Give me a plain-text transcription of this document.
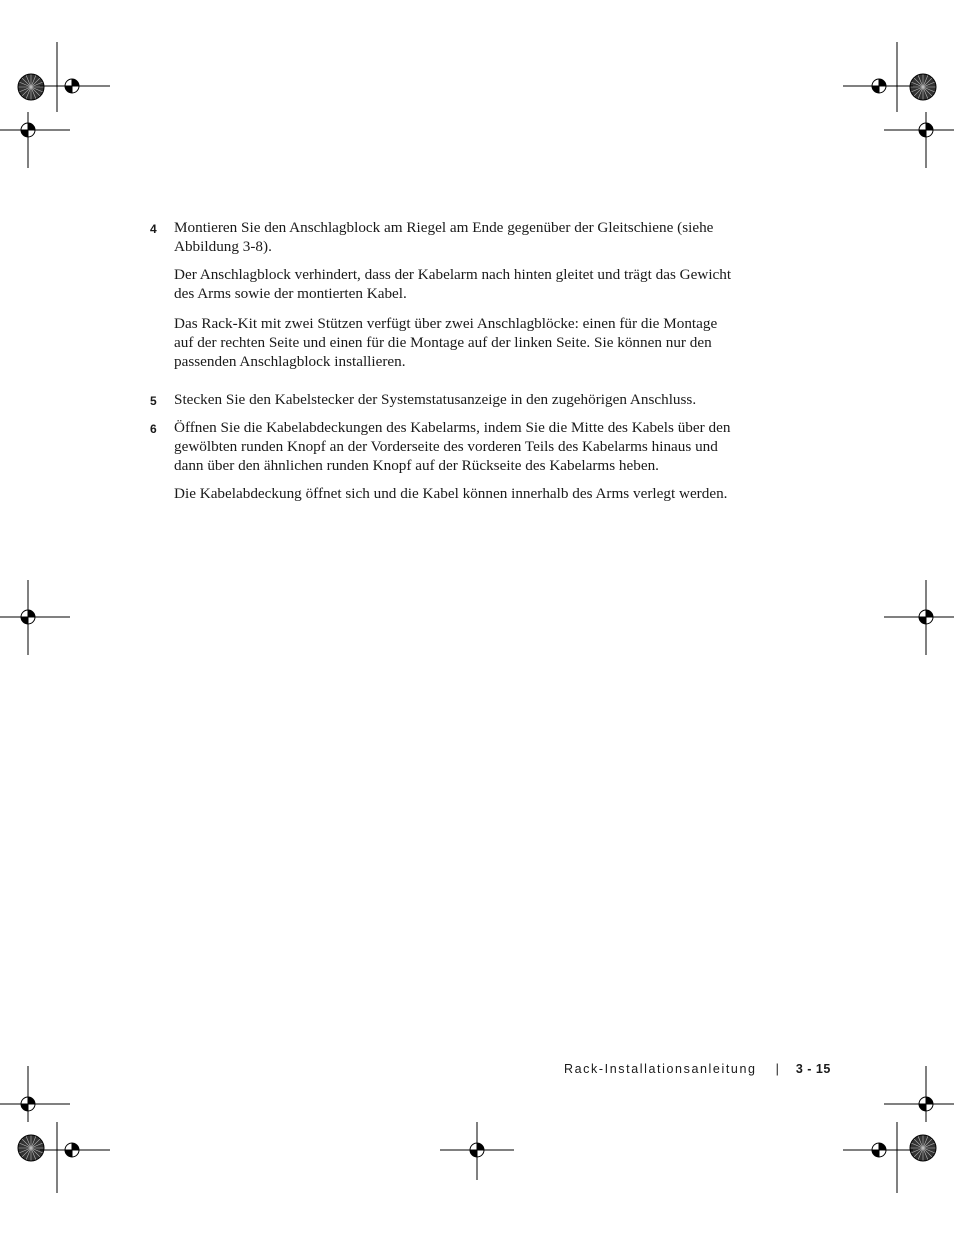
4	Montieren Sie den Anschlagblock am Riegel am Ende gegenüber der Gleitschiene (siehe Abbildung 3-8).

Der Anschlagblock verhindert, dass der Kabelarm nach hinten gleitet und trägt das Gewicht des Arms sowie der montierten Kabel.

Das Rack-Kit mit zwei Stützen verfügt über zwei Anschlagblöcke: einen für die Montage auf der rechten Seite und einen für die Montage auf der linken Seite. Sie können nur den passenden Anschlagblock installieren.

5	Stecken Sie den Kabelstecker der Systemstatusanzeige in den zugehörigen Anschluss.

6	Öffnen Sie die Kabelabdeckungen des Kabelarms, indem Sie die Mitte des Kabels über den gewölbten runden Knopf an der Vorderseite des vorderen Teils des Kabelarms hinaus und dann über den ähnlichen runden Knopf auf der Rückseite des Kabelarms heben.

Die Kabelabdeckung öffnet sich und die Kabel können innerhalb des Arms verlegt werden.

Rack-Installationsanleitung | 3 - 15
